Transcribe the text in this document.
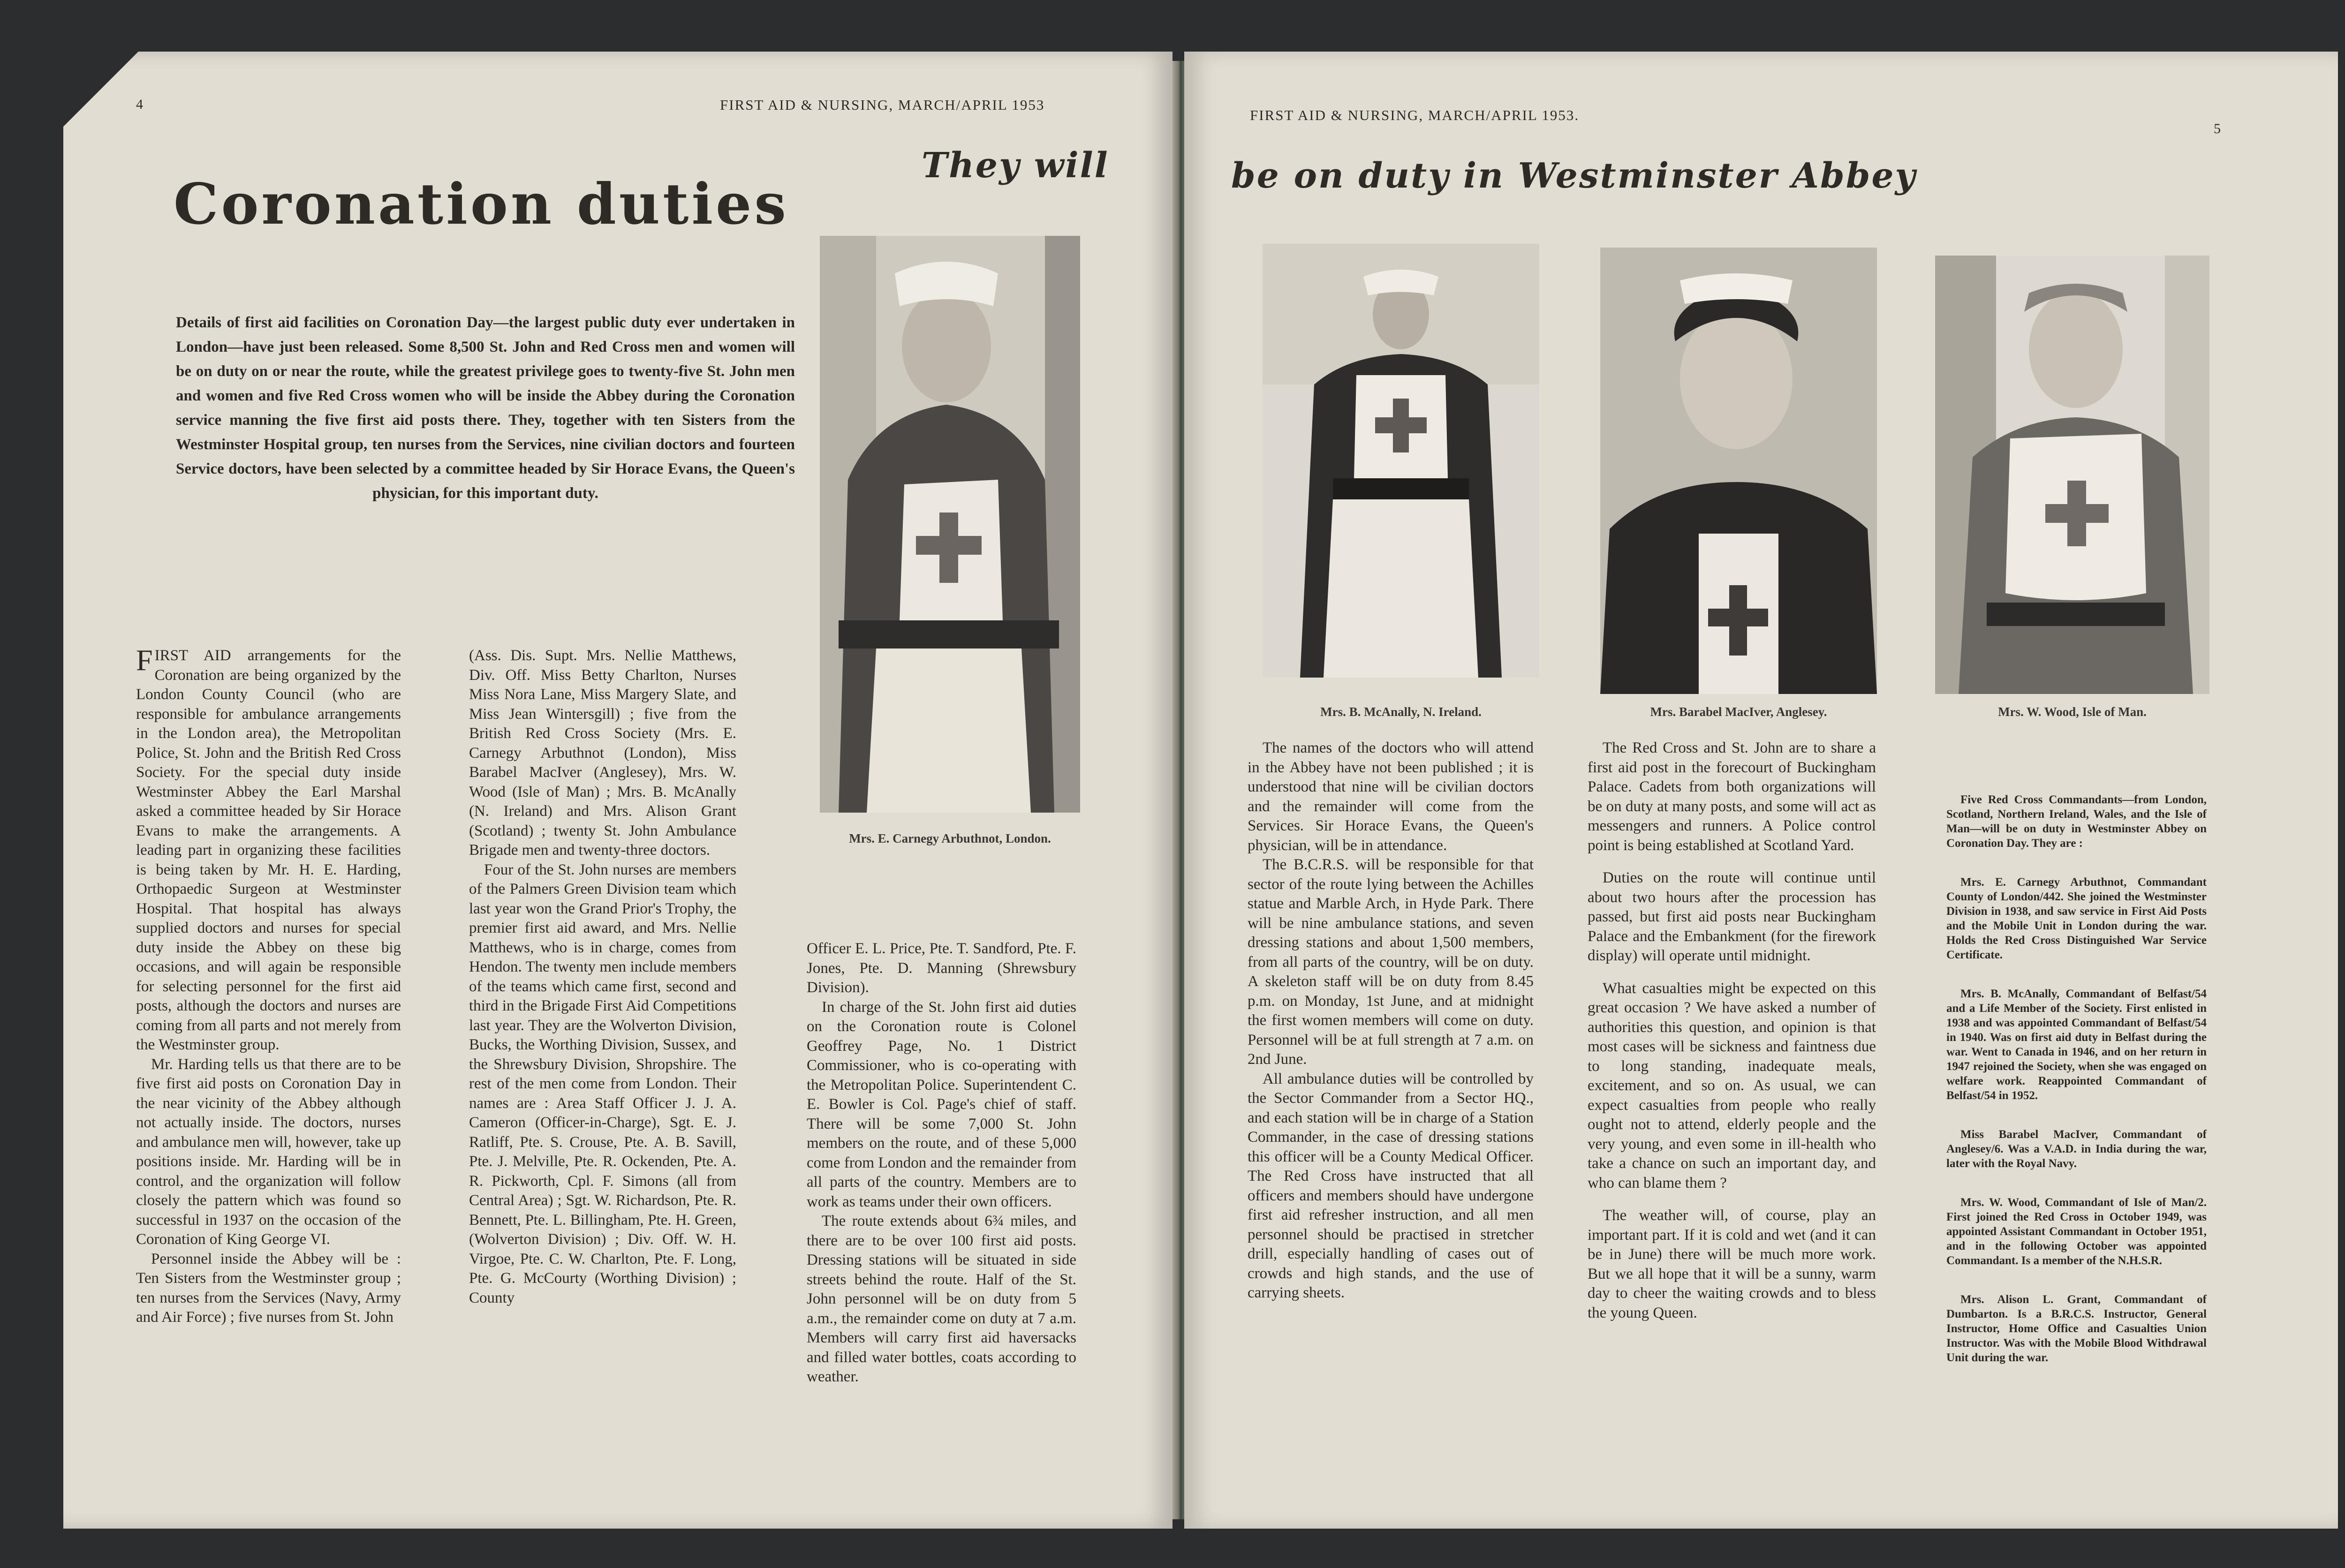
4	FIRST AID & NURSING, MARCH/APRIL 1953
They will
Coronation duties
Details of first aid facilities on Coronation Day—the largest public duty ever undertaken in London—have just been released. Some 8,500 St. John and Red Cross men and women will be on duty on or near the route, while the greatest privilege goes to twenty-five St. John men and women and five Red Cross women who will be inside the Abbey during the Coronation service manning the five first aid posts there. They, together with ten Sisters from the Westminster Hospital group, ten nurses from the Services, nine civilian doctors and fourteen Service doctors, have been selected by a committee headed by Sir Horace Evans, the Queen's physician, for this important duty.
Mrs. E. Carnegy Arbuthnot, London.

FIRST AID arrangements for the Coronation are being organized by the London County Council (who are responsible for ambulance arrangements in the London area), the Metropolitan Police, St. John and the British Red Cross Society. For the special duty inside Westminster Abbey the Earl Marshal asked a committee headed by Sir Horace Evans to make the arrangements. A leading part in organizing these facilities is being taken by Mr. H. E. Harding, Orthopaedic Surgeon at Westminster Hospital. That hospital has always supplied doctors and nurses for special duty inside the Abbey on these big occasions, and will again be responsible for selecting personnel for the first aid posts, although the doctors and nurses are coming from all parts and not merely from the Westminster group.

Mr. Harding tells us that there are to be five first aid posts on Coronation Day in the near vicinity of the Abbey although not actually inside. The doctors, nurses and ambulance men will, however, take up positions inside. Mr. Harding will be in control, and the organization will follow closely the pattern which was found so successful in 1937 on the occasion of the Coronation of King George VI.

Personnel inside the Abbey will be : Ten Sisters from the Westminster group ; ten nurses from the Services (Navy, Army and Air Force) ; five nurses from St. John

(Ass. Dis. Supt. Mrs. Nellie Matthews, Div. Off. Miss Betty Charlton, Nurses Miss Nora Lane, Miss Margery Slate, and Miss Jean Wintersgill) ; five from the British Red Cross Society (Mrs. E. Carnegy Arbuthnot (London), Miss Barabel MacIver (Anglesey), Mrs. W. Wood (Isle of Man) ; Mrs. B. McAnally (N. Ireland) and Mrs. Alison Grant (Scotland) ; twenty St. John Ambulance Brigade men and twenty-three doctors.

Four of the St. John nurses are members of the Palmers Green Division team which last year won the Grand Prior's Trophy, the premier first aid award, and Mrs. Nellie Matthews, who is in charge, comes from Hendon. The twenty men include members of the teams which came first, second and third in the Brigade First Aid Competitions last year. They are the Wolverton Division, Bucks, the Worthing Division, Sussex, and the Shrewsbury Division, Shropshire. The rest of the men come from London. Their names are : Area Staff Officer J. J. A. Cameron (Officer-in-Charge), Sgt. E. J. Ratliff, Pte. S. Crouse, Pte. A. B. Savill, Pte. J. Melville, Pte. R. Ockenden, Pte. A. R. Pickworth, Cpl. F. Simons (all from Central Area) ; Sgt. W. Richardson, Pte. R. Bennett, Pte. L. Billingham, Pte. H. Green, (Wolverton Division) ; Div. Off. W. H. Virgoe, Pte. C. W. Charlton, Pte. F. Long, Pte. G. McCourty (Worthing Division) ; County

Officer E. L. Price, Pte. T. Sandford, Pte. F. Jones, Pte. D. Manning (Shrewsbury Division).

In charge of the St. John first aid duties on the Coronation route is Colonel Geoffrey Page, No. 1 District Commissioner, who is co-operating with the Metropolitan Police. Superintendent C. E. Bowler is Col. Page's chief of staff. There will be some 7,000 St. John members on the route, and of these 5,000 come from London and the remainder from all parts of the country. Members are to work as teams under their own officers.

The route extends about 6¾ miles, and there are to be over 100 first aid posts. Dressing stations will be situated in side streets behind the route. Half of the St. John personnel will be on duty from 5 a.m., the remainder come on duty at 7 a.m. Members will carry first aid haversacks and filled water bottles, coats according to weather.

FIRST AID & NURSING, MARCH/APRIL 1953.
5
be on duty in Westminster Abbey
Mrs. B. McAnally, N. Ireland.	Mrs. Barabel MacIver, Anglesey.	Mrs. W. Wood, Isle of Man.

The names of the doctors who will attend in the Abbey have not been published ; it is understood that nine will be civilian doctors and the remainder will come from the Services. Sir Horace Evans, the Queen's physician, will be in attendance.

The B.C.R.S. will be responsible for that sector of the route lying between the Achilles statue and Marble Arch, in Hyde Park. There will be nine ambulance stations, and seven dressing stations and about 1,500 members, from all parts of the country, will be on duty. A skeleton staff will be on duty from 8.45 p.m. on Monday, 1st June, and at midnight the first women members will come on duty. Personnel will be at full strength at 7 a.m. on 2nd June.

All ambulance duties will be controlled by the Sector Commander from a Sector HQ., and each station will be in charge of a Station Commander, in the case of dressing stations this officer will be a County Medical Officer. The Red Cross have instructed that all officers and members should have undergone first aid refresher instruction, and all men personnel should be practised in stretcher drill, especially handling of cases out of crowds and high stands, and the use of carrying sheets.

The Red Cross and St. John are to share a first aid post in the forecourt of Buckingham Palace. Cadets from both organizations will be on duty at many posts, and some will act as messengers and runners. A Police control point is being established at Scotland Yard.

Duties on the route will continue until about two hours after the procession has passed, but first aid posts near Buckingham Palace and the Embankment (for the firework display) will operate until midnight.

What casualties might be expected on this great occasion ? We have asked a number of authorities this question, and opinion is that most cases will be sickness and faintness due to long standing, inadequate meals, excitement, and so on. As usual, we can expect casualties from people who really ought not to attend, elderly people and the very young, and even some in ill-health who take a chance on such an important day, and who can blame them ?

The weather will, of course, play an important part. If it is cold and wet (and it can be in June) there will be much more work. But we all hope that it will be a sunny, warm day to cheer the waiting crowds and to bless the young Queen.

Five Red Cross Commandants—from London, Scotland, Northern Ireland, Wales, and the Isle of Man—will be on duty in Westminster Abbey on Coronation Day. They are :

Mrs. E. Carnegy Arbuthnot, Commandant County of London/442. She joined the Westminster Division in 1938, and saw service in First Aid Posts and the Mobile Unit in London during the war. Holds the Red Cross Distinguished War Service Certificate.

Mrs. B. McAnally, Commandant of Belfast/54 and a Life Member of the Society. First enlisted in 1938 and was appointed Commandant of Belfast/54 in 1940. Was on first aid duty in Belfast during the war. Went to Canada in 1946, and on her return in 1947 rejoined the Society, when she was engaged on welfare work. Reappointed Commandant of Belfast/54 in 1952.

Miss Barabel MacIver, Commandant of Anglesey/6. Was a V.A.D. in India during the war, later with the Royal Navy.

Mrs. W. Wood, Commandant of Isle of Man/2. First joined the Red Cross in October 1949, was appointed Assistant Commandant in October 1951, and in the following October was appointed Commandant. Is a member of the N.H.S.R.

Mrs. Alison L. Grant, Commandant of Dumbarton. Is a B.R.C.S. Instructor, General Instructor, Home Office and Casualties Union Instructor. Was with the Mobile Blood Withdrawal Unit during the war.
